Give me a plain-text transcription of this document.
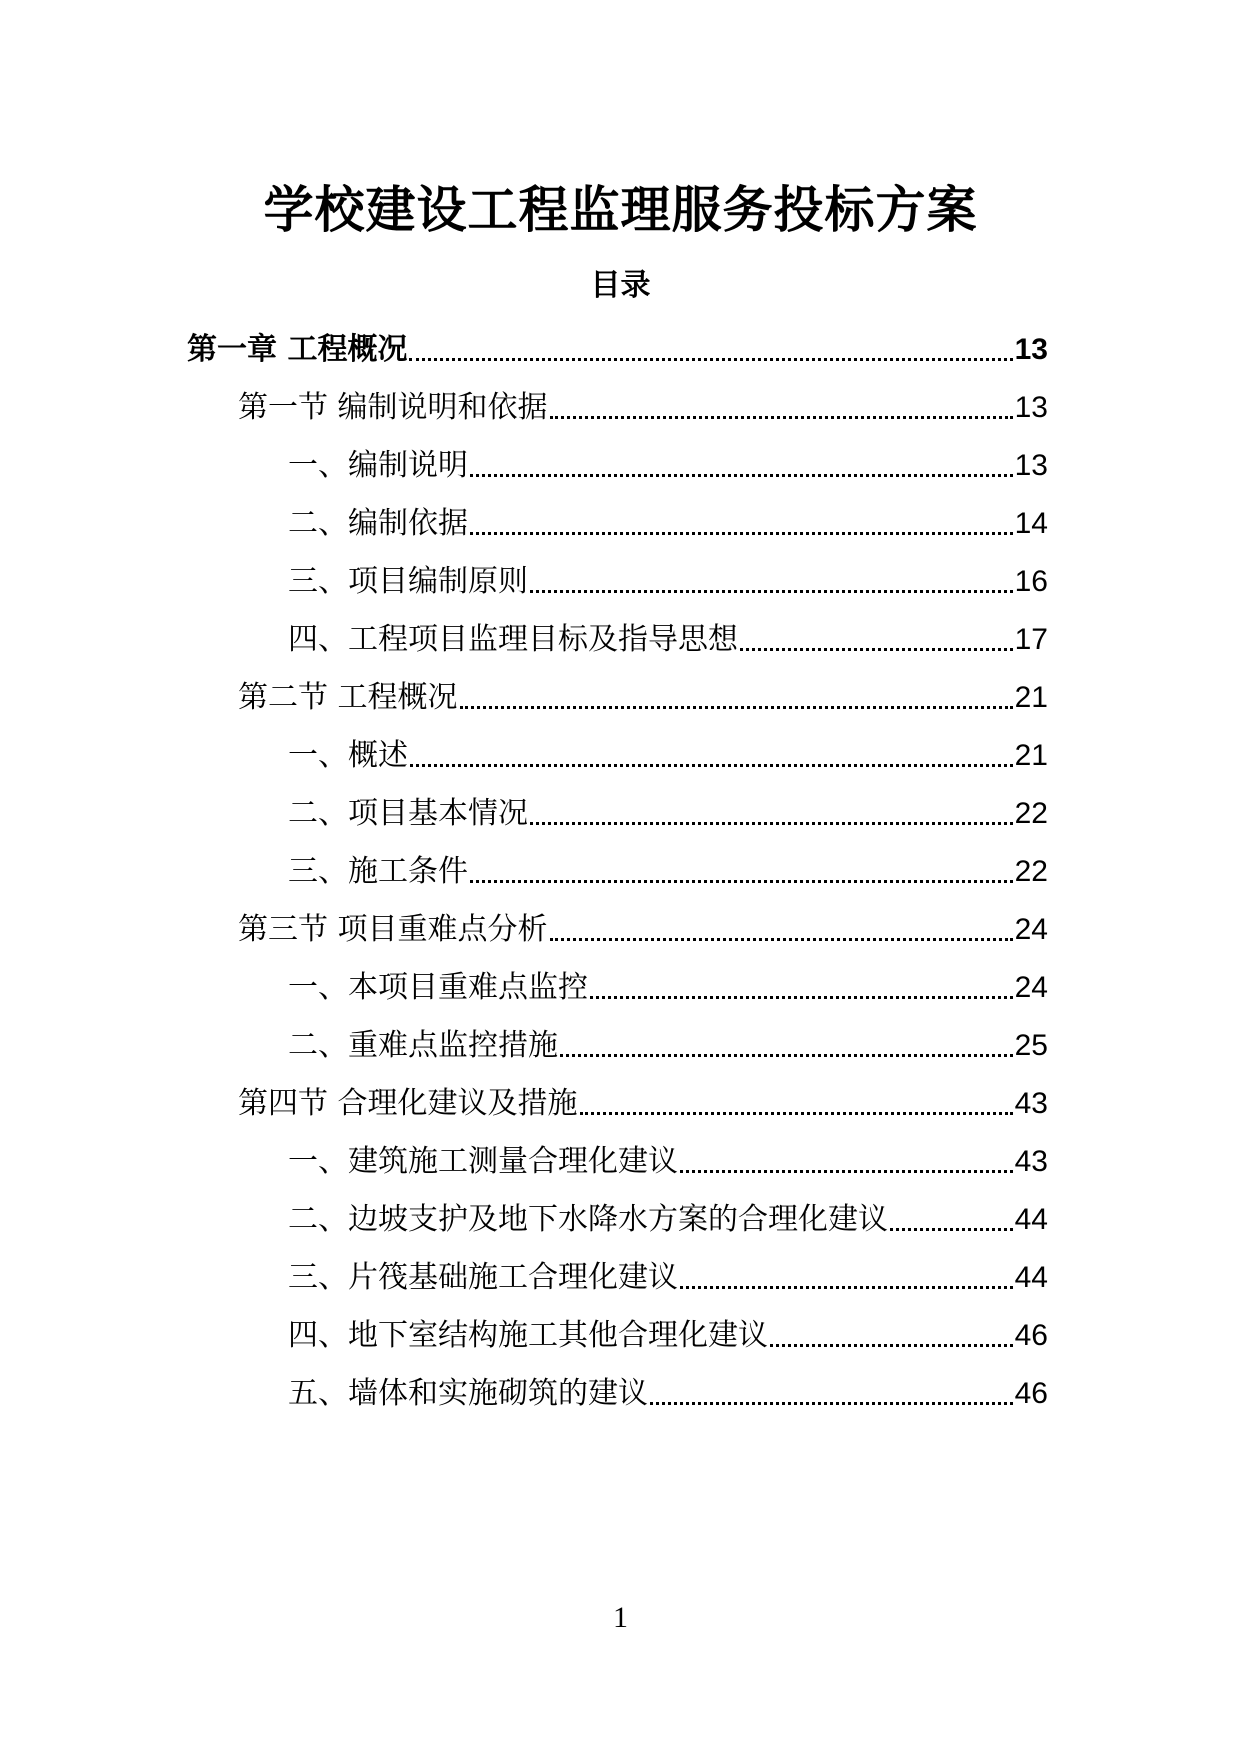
学校建设工程监理服务投标方案
目录
第一章 工程概况	13
第一节 编制说明和依据	13
一、编制说明	13
二、编制依据	14
三、项目编制原则	16
四、工程项目监理目标及指导思想	17
第二节 工程概况	21
一、概述	21
二、项目基本情况	22
三、施工条件	22
第三节 项目重难点分析	24
一、本项目重难点监控	24
二、重难点监控措施	25
第四节 合理化建议及措施	43
一、建筑施工测量合理化建议	43
二、边坡支护及地下水降水方案的合理化建议	44
三、片筏基础施工合理化建议	44
四、地下室结构施工其他合理化建议	46
五、墙体和实施砌筑的建议	46
1
